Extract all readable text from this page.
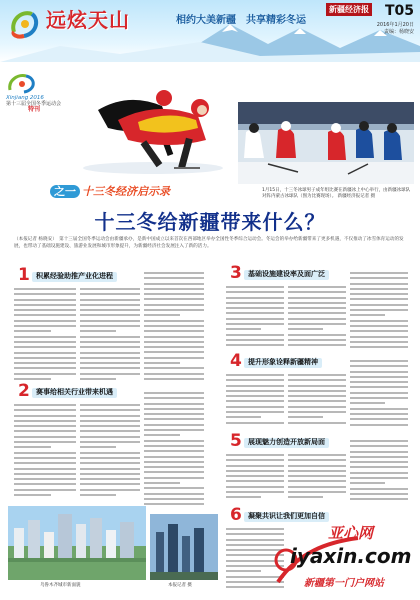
远炫天山	相约大美新疆　共享精彩冬运
新疆经济报 T05
2016年1月20日
责编：杨晓安
Xinjiang 2016
第十三届全国冬季运动会
特刊
1月15日，十三冬冰球男子成年组比赛在新疆冰上中心举行，由新疆冰球队对阵内蒙古冰球队（图为比赛现场）。 新疆经济报记者 摄
之一 十三冬经济启示录
十三冬给新疆带来什么？
（本报记者 杨晓安）　第十三届全国冬季运动会由新疆承办，是新中国成立以来首次在西部地区举办全国性冬季综合运动会。冬运会的举办给新疆带来了更多机遇，不仅推动了冰雪体育运动的发展，也带动了基础设施建设、旅游业发展和城市形象提升，为新疆经济社会发展注入了新的活力。
1 积累经验助推产业化进程
2 赛事给相关行业带来机遇
3 基础设施建设率及面广泛
4 提升形象诠释新疆精神
5 展现魅力创造开放新局面
6 凝聚共识让我们更加自信
乌鲁木齐城市新面貌	本报记者 摄
亚心网
iyaxin.com
新疆第一门户网站
